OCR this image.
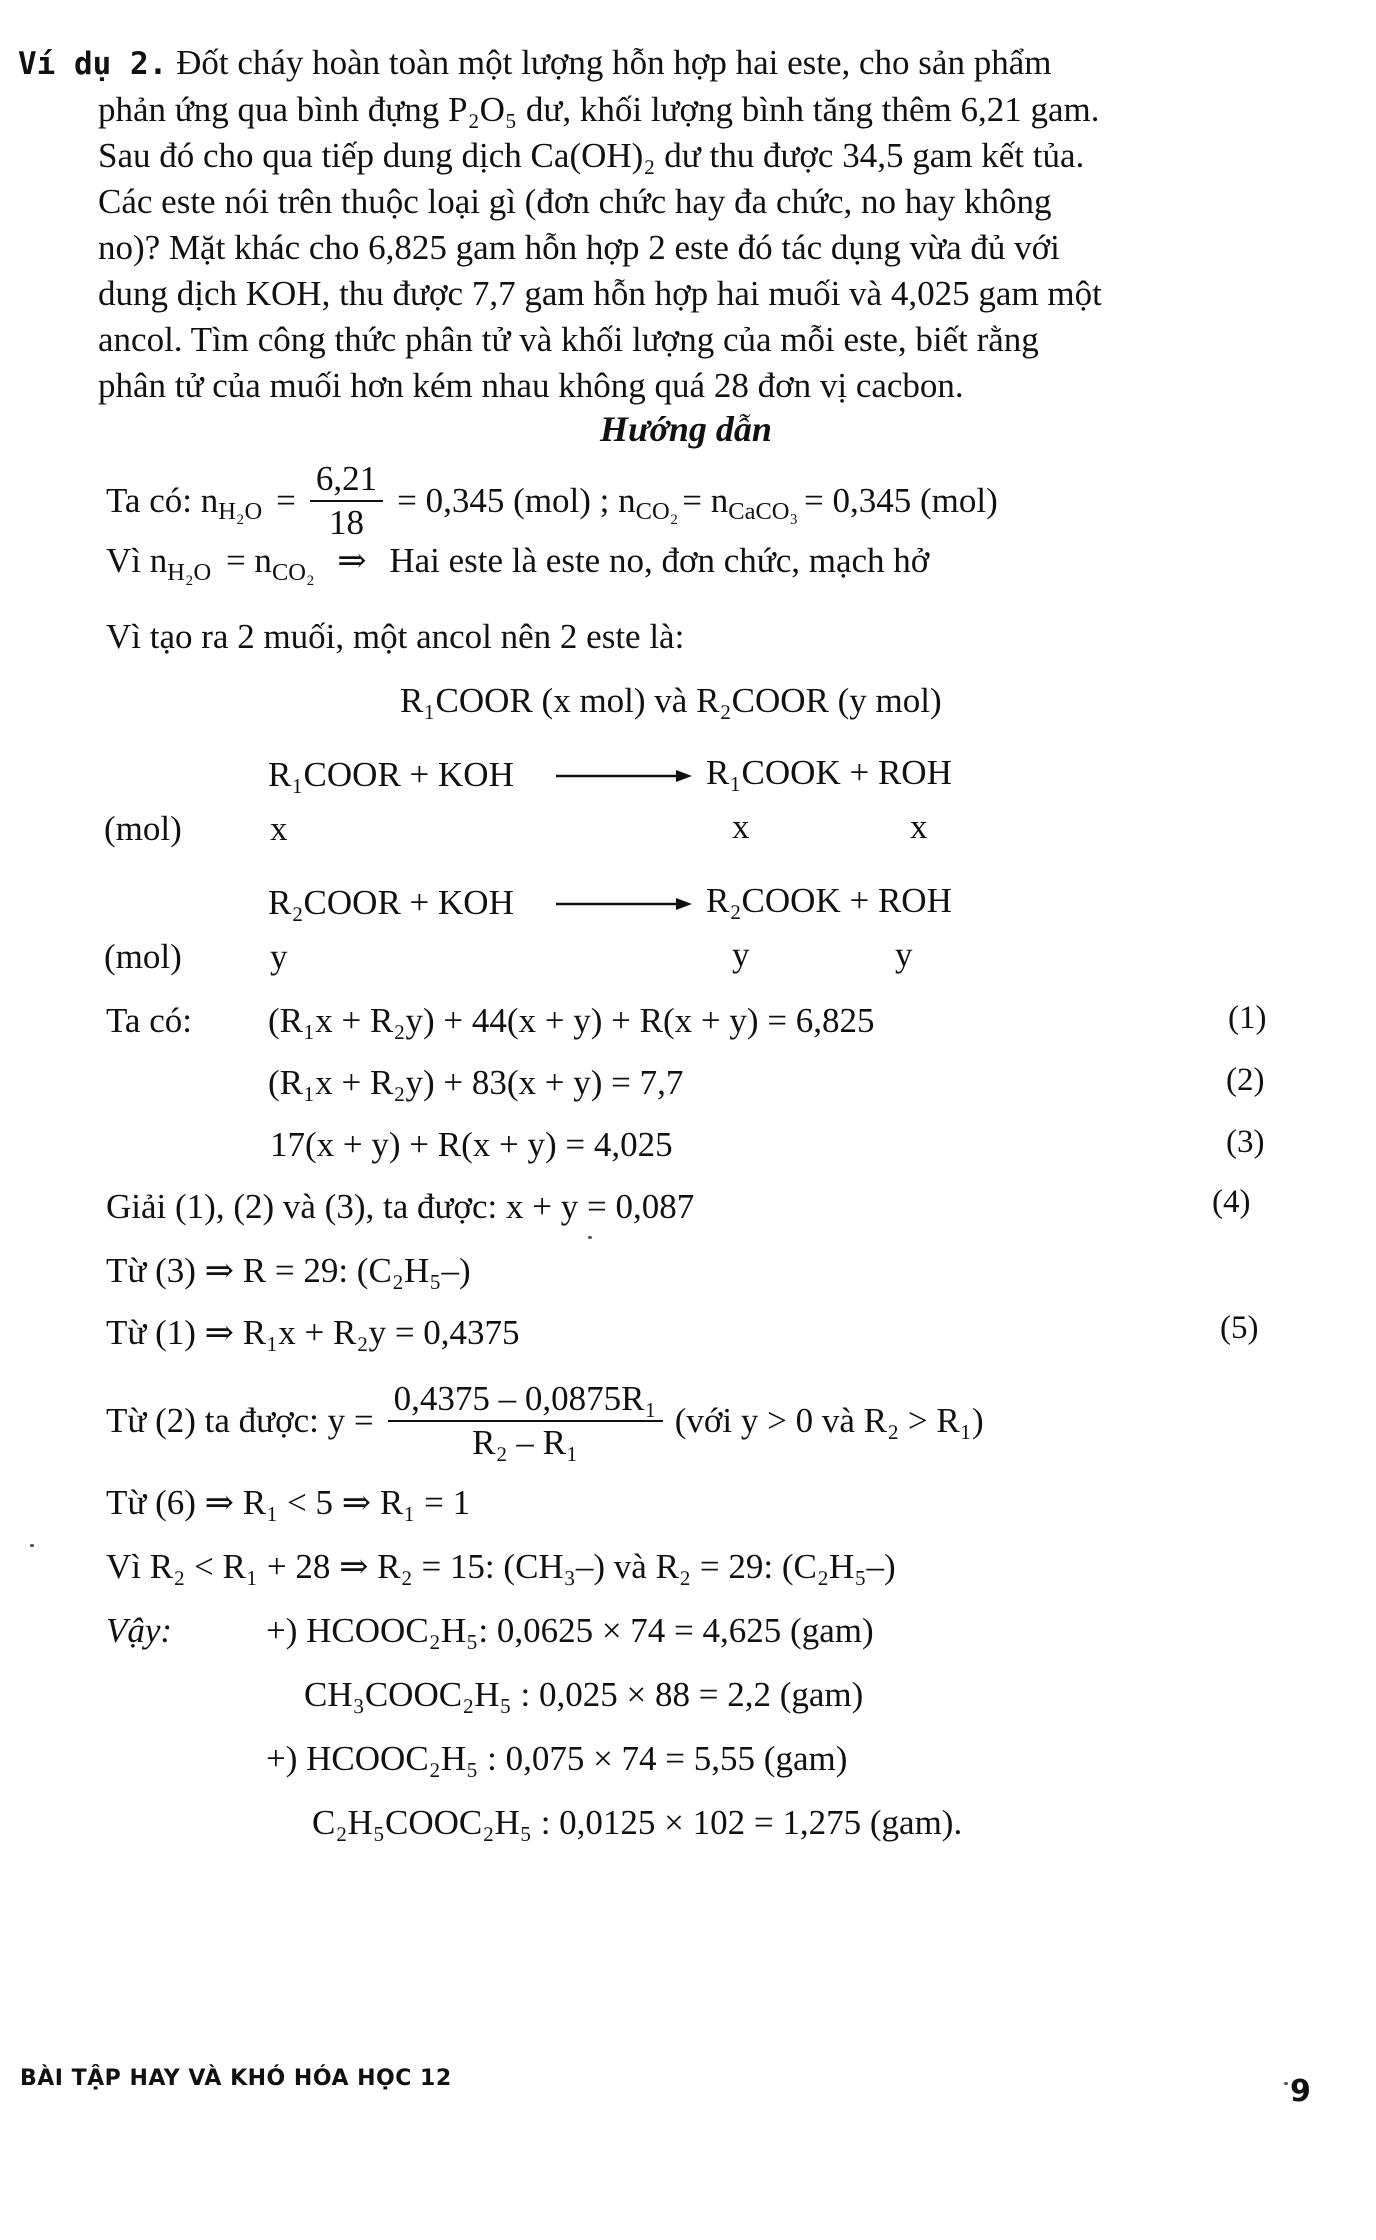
Ví dụ 2. Đốt cháy hoàn toàn một lượng hỗn hợp hai este, cho sản phẩm
phản ứng qua bình đựng P₂O₅ dư, khối lượng bình tăng thêm 6,21 gam.
Sau đó cho qua tiếp dung dịch Ca(OH)₂ dư thu được 34,5 gam kết tủa.
Các este nói trên thuộc loại gì (đơn chức hay đa chức, no hay không
no)? Mặt khác cho 6,825 gam hỗn hợp 2 este đó tác dụng vừa đủ với
dung dịch KOH, thu được 7,7 gam hỗn hợp hai muối và 4,025 gam một
ancol. Tìm công thức phân tử và khối lượng của mỗi este, biết rằng
phân tử của muối hơn kém nhau không quá 28 đơn vị cacbon.
Hướng dẫn
Ta có: $n_{H_2O} = \frac{6,21}{18} = 0,345$ (mol) ; $n_{CO_2} = n_{CaCO_3} = 0,345$ (mol)
Vì $n_{H_2O} = n_{CO_2}$ ⇒ Hai este là este no, đơn chức, mạch hở
Vì tạo ra 2 muối, một ancol nên 2 este là:
R₁COOR (x mol) và R₂COOR (y mol)
R₁COOR + KOH	R₁COOK + ROH
(mol)	x	x	x
R₂COOR + KOH	R₂COOK + ROH
(mol)	y	y	y
Ta có: (R₁x + R₂y) + 44(x + y) + R(x + y) = 6,825	(1)
(R₁x + R₂y) + 83(x + y) = 7,7	(2)
17(x + y) + R(x + y) = 4,025	(3)
Giải (1), (2) và (3), ta được: x + y = 0,087	(4)
Từ (3) ⇒ R = 29: (C₂H₅–)
Từ (1) ⇒ R₁x + R₂y = 0,4375	(5)
Từ (2) ta được: $y = \frac{\text{0,4375 – 0,0875R₁}}{\text{R₂ – R₁}}$ (với y > 0 và R₂ > R₁)
Từ (6) ⇒ R₁ < 5 ⇒ R₁ = 1
Vì R₂ < R₁ + 28 ⇒ R₂ = 15: (CH₃–) và R₂ = 29: (C₂H₅–)
Vậy:	+) HCOOC₂H₅: 0,0625 × 74 = 4,625 (gam)
CH₃COOC₂H₅ : 0,025 × 88 = 2,2 (gam)
+) HCOOC₂H₅ : 0,075 × 74 = 5,55 (gam)
C₂H₅COOC₂H₅ : 0,0125 × 102 = 1,275 (gam).
BÀI TẬP HAY VÀ KHÓ HÓA HỌC 12	9
